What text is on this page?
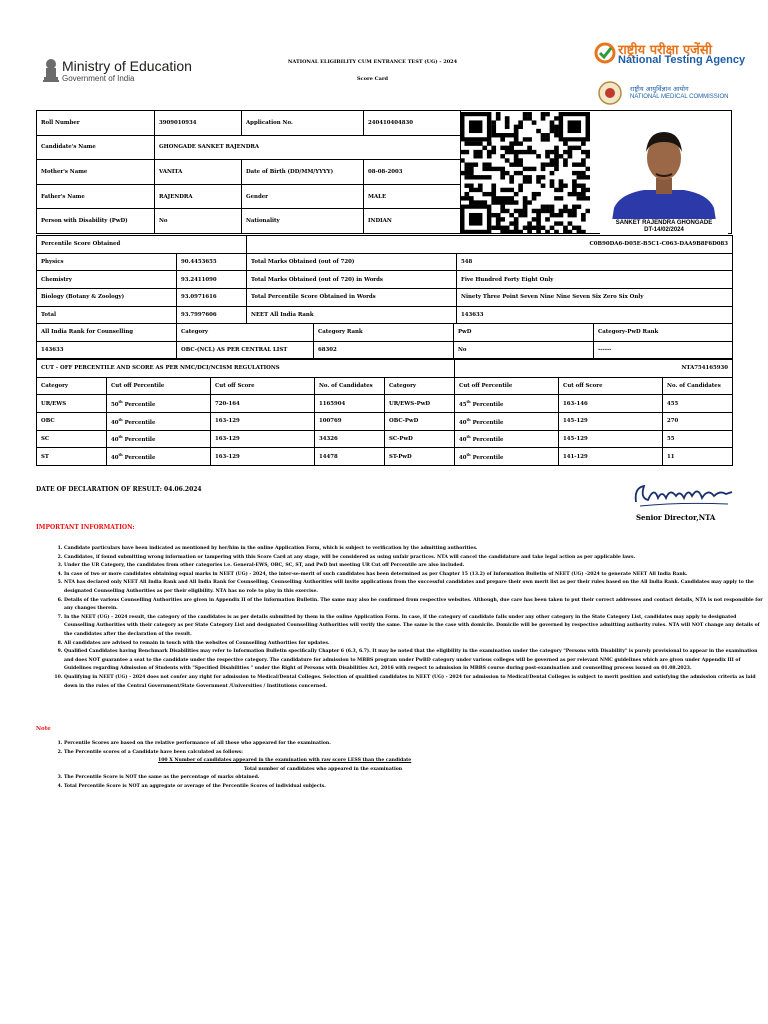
Ministry of Education
Government of India
NATIONAL ELIGIBILITY CUM ENTRANCE TEST (UG) - 2024
Score Card
राष्ट्रीय परीक्षा एजेंसी
National Testing Agency
राष्ट्रीय आयुर्विज्ञान आयोग
NATIONAL MEDICAL COMMISSION
Roll Number	3909010934	Application No.	240410404830
Candidate's Name	GHONGADE SANKET RAJENDRA		
Mother's Name	VANITA	Date of Birth (DD/MM/YYYY)	08-08-2003
Father's Name	RAJENDRA	Gender	MALE
Person with Disability (PwD)	No	Nationality	INDIAN	SANKET RAJENDRA GHONGADE
DT-14/02/2024
Percentile Score Obtained		C0B90DA6-D05E-B5C1-C063-DAA9B8F6D083	
Physics	90.4453655	Total Marks Obtained (out of 720)	548
Chemistry	93.2411090	Total Marks Obtained (out of 720) in Words	Five Hundred Forty Eight Only
Biology (Botany & Zoology)	93.0971616	Total Percentile Score Obtained in Words	Ninety Three Point Seven Nine Nine Seven Six Zero Six Only
Total	93.7997606	NEET All India Rank	143633
All India Rank for Counselling	Category	Category Rank	PwD	Category-PwD Rank
143633	OBC-(NCL) AS PER CENTRAL LIST	68302	No	------
CUT - OFF PERCENTILE AND SCORE AS PER NMC/DCI/NCISM REGULATIONS					NTA754165930		
Category	Cut off Percentile	Cut off Score	No. of Candidates	Category	Cut off Percentile	Cut off Score	No. of Candidates
UR/EWS	50th Percentile	720-164	1165904	UR/EWS-PwD	45th Percentile	163-146	455
OBC	40th Percentile	163-129	100769	OBC-PwD	40th Percentile	145-129	270
SC	40th Percentile	163-129	34326	SC-PwD	40th Percentile	145-129	55
ST	40th Percentile	163-129	14478	ST-PwD	40th Percentile	141-129	11
DATE OF DECLARATION OF RESULT: 04.06.2024
Senior Director,NTA
IMPORTANT INFORMATION:
1. Candidate particulars have been indicated as mentioned by her/him in the online Application Form, which is subject to verification by the admitting authorities.
2. Candidates, if found submitting wrong information or tampering with this Score Card at any stage, will be considered as using unfair practices. NTA will cancel the candidature and take legal action as per applicable laws.
3. Under the UR Category, the candidates from other categories i.e. General-EWS, OBC, SC, ST, and PwD but meeting UR Cut off Percentile are also included.
4. In case of two or more candidates obtaining equal marks in NEET (UG) - 2024, the inter-se-merit of such candidates has been determined as per Chapter 15 (13.2) of Information Bulletin of NEET (UG) -2024 to generate NEET All India Rank.
5. NTA has declared only NEET All India Rank and All India Rank for Counselling. Counselling Authorities will invite applications from the successful candidates and prepare their own merit list as per their rules based on the All India Rank. Candidates may apply to the designated Counselling Authorities as per their eligibility. NTA has no role to play in this exercise.
6. Details of the various Counselling Authorities are given in Appendix II of the Information Bulletin. The same may also be confirmed from respective websites. Although, due care has been taken to put their correct addresses and contact details, NTA is not responsible for any changes therein.
7. In the NEET (UG) - 2024 result, the category of the candidates is as per details submitted by them in the online Application Form. In case, if the category of candidate falls under any other category in the State Category List, candidates may apply to designated Counselling Authorities with their category as per State Category List and designated Counselling Authorities will verify the same. The same is the case with domicile. Domicile will be governed by respective admitting authority rules. NTA will NOT change any details of the candidates after the declaration of the result.
8. All candidates are advised to remain in touch with the websites of Counselling Authorities for updates.
9. Qualified Candidates having Benchmark Disabilities may refer to Information Bulletin specifically Chapter 6 (6.3, 6.7). It may be noted that the eligibility in the examination under the category "Persons with Disability" is purely provisional to appear in the examination and does NOT guarantee a seat to the candidate under the respective category. The candidature for admission to MBBS program under PwBD category under various colleges will be governed as per relevant NMC guidelines which are given under Appendix III of Guidelines regarding Admission of Students with "Specified Disabilities " under the Right of Persons with Disabilities Act, 2016 with respect to admission in MBBS course during post-examination and counselling process issued on 01.08.2023.
10. Qualifying in NEET (UG) - 2024 does not confer any right for admission to Medical/Dental Colleges. Selection of qualified candidates in NEET (UG) - 2024 for admission to Medical/Dental Colleges is subject to merit position and satisfying the admission criteria as laid down in the rules of the Central Government/State Government /Universities / Institutions concerned.
Note
1. Percentile Scores are based on the relative performance of all those who appeared for the examination.
2. The Percentile scores of a Candidate have been calculated as follows:
3. The Percentile Score is NOT the same as the percentage of marks obtained.
4. Total Percentile Score is NOT an aggregate or average of the Percentile Scores of individual subjects.
100 X Number of candidates appeared in the examination with raw score LESS than the candidate
Total number of candidates who appeared in the examination
